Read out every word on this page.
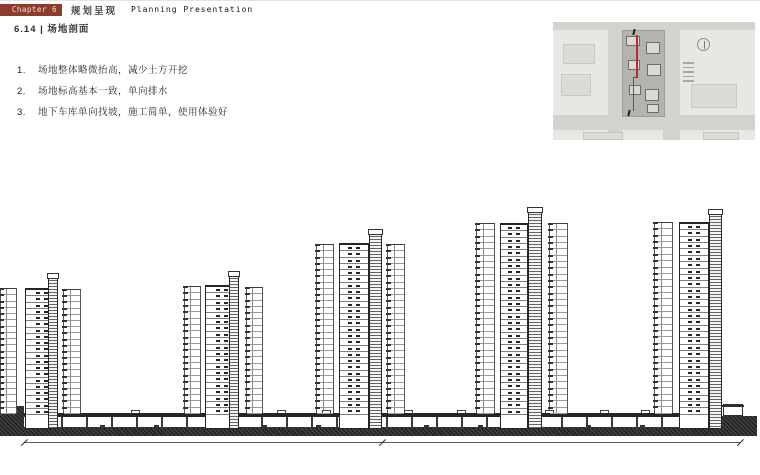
Chapter 6	规划呈现 Planning Presentation
6.14 | 场地剖面
1. 场地整体略微抬高，减少土方开挖
2. 场地标高基本一致，单向排水
3. 地下车库单向找坡，施工简单，使用体验好
